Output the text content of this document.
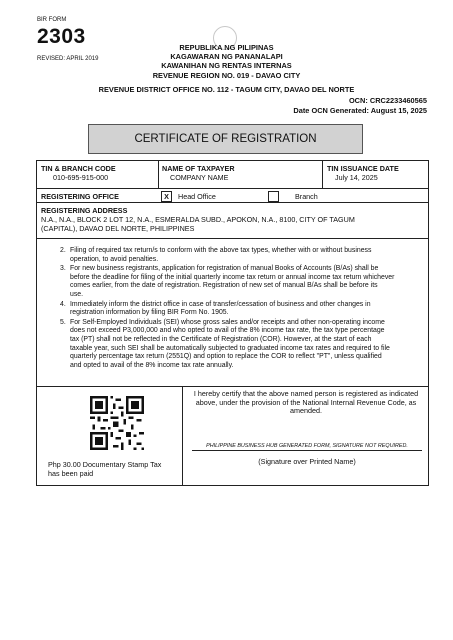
BIR FORM
2303
REVISED: APRIL 2019
REPUBLIKA NG PILIPINAS
KAGAWARAN NG PANANALAPI
KAWANIHAN NG RENTAS INTERNAS
REVENUE REGION NO. 019 - DAVAO CITY
REVENUE DISTRICT OFFICE NO. 112 - TAGUM CITY, DAVAO DEL NORTE
OCN: CRC2233460565
Date OCN Generated: August 15, 2025
CERTIFICATE OF REGISTRATION
TIN & BRANCH CODE
010-695-915-000
NAME OF TAXPAYER
COMPANY NAME
TIN ISSUANCE DATE
July 14, 2025
REGISTERING OFFICE	X	Head Office	Branch
REGISTERING ADDRESS
N.A., N.A., BLOCK 2 LOT 12, N.A., ESMERALDA SUBD., APOKON, N.A., 8100, CITY OF TAGUM
(CAPITAL), DAVAO DEL NORTE, PHILIPPINES
2. Filing of required tax return/s to conform with the above tax types, whether with or without business
operation, to avoid penalties.
3. For new business registrants, application for registration of manual Books of Accounts (B/As) shall be
before the deadline for filing of the initial quarterly income tax return or annual income tax return whichever
comes earlier, from the date of registration. Registration of new set of manual B/As shall be before its
use.
4. Immediately inform the district office in case of transfer/cessation of business and other changes in
registration information by filing BIR Form No. 1905.
5. For Self-Employed Individuals (SEI) whose gross sales and/or receipts and other non-operating income
does not exceed P3,000,000 and who opted to avail of the 8% income tax rate, the tax type percentage
tax (PT) shall not be reflected in the Certificate of Registration (COR). However, at the start of each
taxable year, such SEI shall be automatically subjected to graduated income tax rates and required to file
quarterly percentage tax return (2551Q) and option to replace the COR to reflect "PT", unless qualified
and opted to avail of the 8% income tax rate annually.
Php 30.00 Documentary Stamp Tax
has been paid
I hereby certify that the above named person is registered as indicated
above, under the provision of the National Internal Revenue Code, as
amended.
PHILIPPINE BUSINESS HUB GENERATED FORM, SIGNATURE NOT REQUIRED.
(Signature over Printed Name)
